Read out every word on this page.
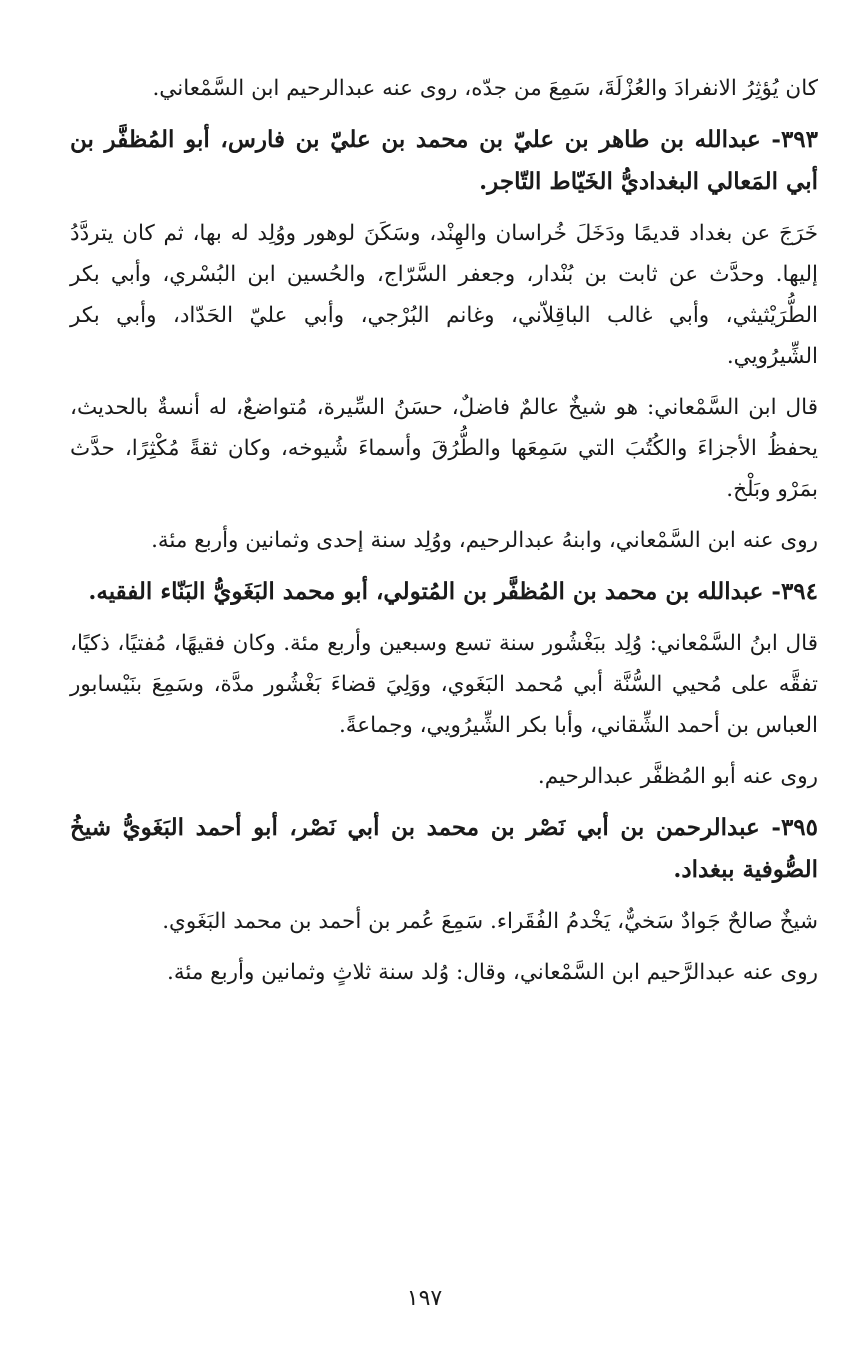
كان يُؤثِرُ الانفرادَ والعُزْلَةَ، سَمِعَ من جدّه، روى عنه عبدالرحيم ابن السَّمْعاني.

٣٩٣- عبدالله بن طاهر بن عليّ بن محمد بن عليّ بن فارس، أبو المُظفَّر بن أبي المَعالي البغداديُّ الخَيّاط التّاجر.

خَرَجَ عن بغداد قديمًا ودَخَلَ خُراسان والهِنْد، وسَكَنَ لوهور ووُلِد له بها، ثم كان يتردَّدُ إليها. وحدَّث عن ثابت بن بُنْدار، وجعفر السَّرّاج، والحُسين ابن البُسْري، وأبي بكر الطُّرَيْثيثي، وأبي غالب الباقِلاّني، وغانم البُرْجي، وأبي عليّ الحَدّاد، وأبي بكر الشِّيرُويي.

قال ابن السَّمْعاني: هو شيخٌ عالمٌ فاضلٌ، حسَنُ السِّيرة، مُتواضعٌ، له أنسةٌ بالحديث، يحفظُ الأجزاءَ والكُتُبَ التي سَمِعَها والطُّرُقَ وأسماءَ شُيوخه، وكان ثقةً مُكْثِرًا، حدَّث بمَرْو وبَلْخ.

روى عنه ابن السَّمْعاني، وابنهُ عبدالرحيم، ووُلِد سنة إحدى وثمانين وأربع مئة.

٣٩٤- عبدالله بن محمد بن المُظفَّر بن المُتولي، أبو محمد البَغَويُّ البَنّاء الفقيه.

قال ابنُ السَّمْعاني: وُلِد ببَغْشُور سنة تسع وسبعين وأربع مئة. وكان فقيهًا، مُفتيًا، ذكيًا، تفقَّه على مُحيي السُّنَّة أبي مُحمد البَغَوي، ووَلِيَ قضاءَ بَغْشُور مدَّة، وسَمِعَ بنَيْسابور العباس بن أحمد الشِّقاني، وأبا بكر الشِّيرُويي، وجماعةً.

روى عنه أبو المُظفَّر عبدالرحيم.

٣٩٥- عبدالرحمن بن أبي نَصْر بن محمد بن أبي نَصْر، أبو أحمد البَغَويُّ شيخُ الصُّوفية ببغداد.

شيخٌ صالحٌ جَوادٌ سَخيٌّ، يَخْدمُ الفُقَراء. سَمِعَ عُمر بن أحمد بن محمد البَغَوي.

روى عنه عبدالرَّحيم ابن السَّمْعاني، وقال: وُلد سنة ثلاثٍ وثمانين وأربع مئة.

١٩٧
